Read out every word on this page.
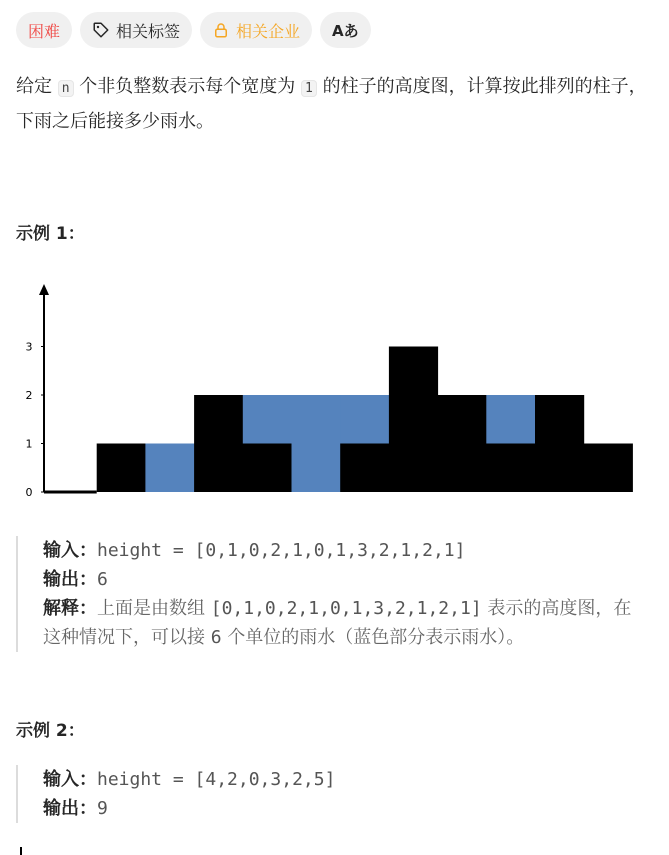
困难	相关标签	相关企业 Aあ

给定 n 个非负整数表示每个宽度为 1 的柱子的高度图，计算按此排列的柱子，下雨之后能接多少雨水。

示例 1：
0
1
2
3
输入：height = [0,1,0,2,1,0,1,3,2,1,2,1]
输出：6
解释：上面是由数组 [0,1,0,2,1,0,1,3,2,1,2,1] 表示的高度图，在这种情况下，可以接 6 个单位的雨水（蓝色部分表示雨水）。
示例 2：
输入：height = [4,2,0,3,2,5]
输出：9
